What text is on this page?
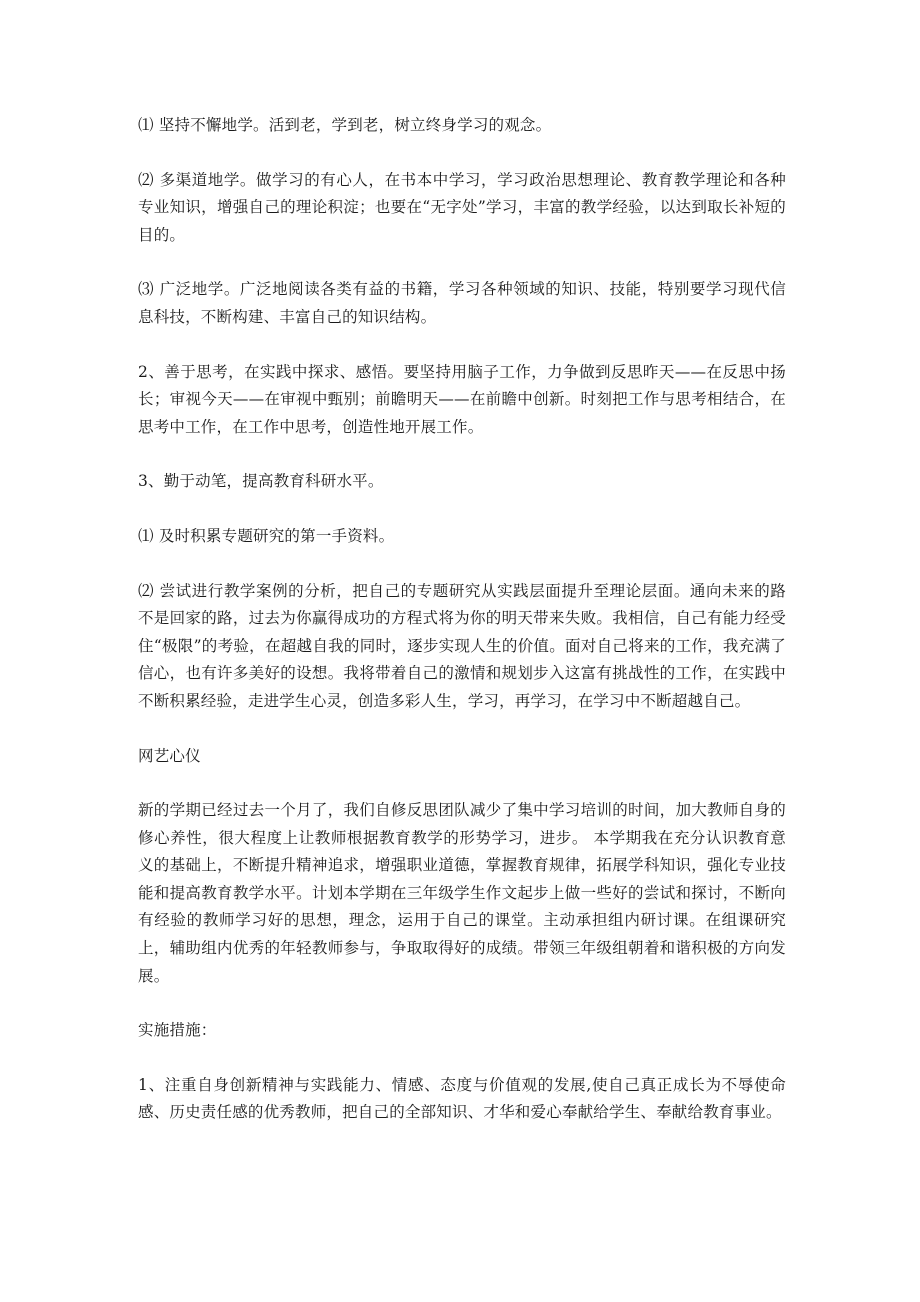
⑴ 坚持不懈地学。活到老，学到老，树立终身学习的观念。

⑵ 多渠道地学。做学习的有心人，在书本中学习，学习政治思想理论、教育教学理论和各种专业知识，增强自己的理论积淀；也要在“无字处”学习，丰富的教学经验，以达到取长补短的目的。

⑶ 广泛地学。广泛地阅读各类有益的书籍，学习各种领域的知识、技能，特别要学习现代信息科技，不断构建、丰富自己的知识结构。

2、善于思考，在实践中探求、感悟。要坚持用脑子工作，力争做到反思昨天——在反思中扬长；审视今天——在审视中甄别；前瞻明天——在前瞻中创新。时刻把工作与思考相结合，在思考中工作，在工作中思考，创造性地开展工作。

3、勤于动笔，提高教育科研水平。

⑴ 及时积累专题研究的第一手资料。

⑵ 尝试进行教学案例的分析，把自己的专题研究从实践层面提升至理论层面。通向未来的路不是回家的路，过去为你赢得成功的方程式将为你的明天带来失败。我相信，自己有能力经受住“极限”的考验，在超越自我的同时，逐步实现人生的价值。面对自己将来的工作，我充满了信心，也有许多美好的设想。我将带着自己的激情和规划步入这富有挑战性的工作，在实践中不断积累经验，走进学生心灵，创造多彩人生，学习，再学习，在学习中不断超越自己。

网艺心仪

新的学期已经过去一个月了，我们自修反思团队减少了集中学习培训的时间，加大教师自身的修心养性，很大程度上让教师根据教育教学的形势学习，进步。 本学期我在充分认识教育意义的基础上，不断提升精神追求，增强职业道德，掌握教育规律，拓展学科知识，强化专业技能和提高教育教学水平。计划本学期在三年级学生作文起步上做一些好的尝试和探讨，不断向有经验的教师学习好的思想，理念，运用于自己的课堂。主动承担组内研讨课。在组课研究上，辅助组内优秀的年轻教师参与，争取取得好的成绩。带领三年级组朝着和谐积极的方向发展。

实施措施：

1、注重自身创新精神与实践能力、情感、态度与价值观的发展,使自己真正成长为不辱使命感、历史责任感的优秀教师，把自己的全部知识、才华和爱心奉献给学生、奉献给教育事业。
